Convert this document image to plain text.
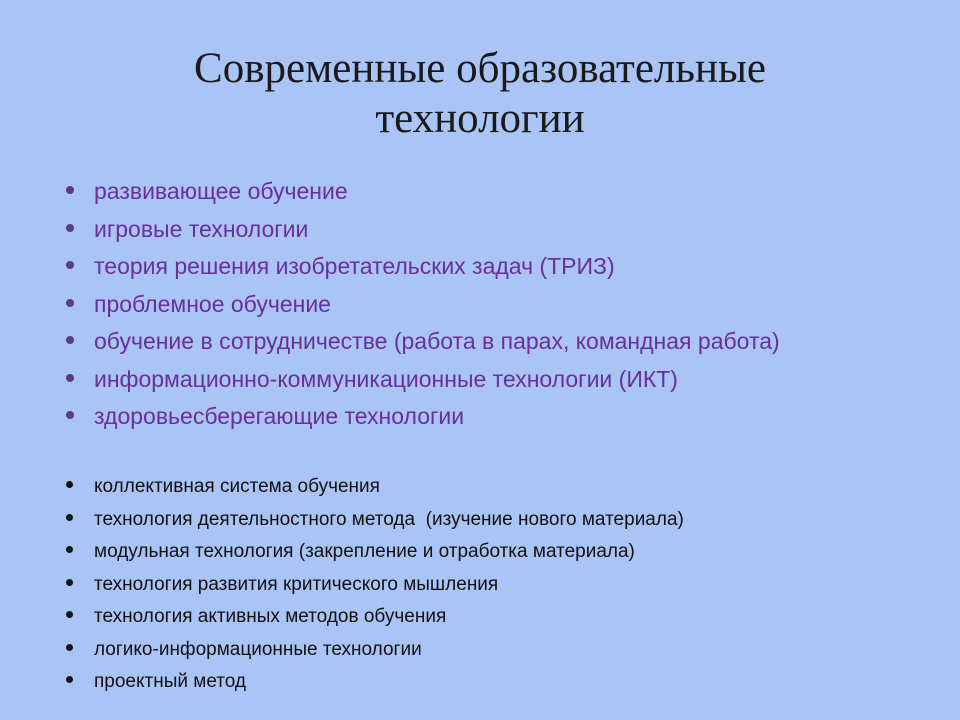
Современные образовательные
технологии
развивающее обучение
игровые технологии
теория решения изобретательских задач (ТРИЗ)
проблемное обучение
обучение в сотрудничестве (работа в парах, командная работа)
информационно-коммуникационные технологии (ИКТ)
здоровьесберегающие технологии
коллективная система обучения
технология деятельностного метода  (изучение нового материала)
модульная технология (закрепление и отработка материала)
технология развития критического мышления
технология активных методов обучения
логико-информационные технологии
проектный метод
